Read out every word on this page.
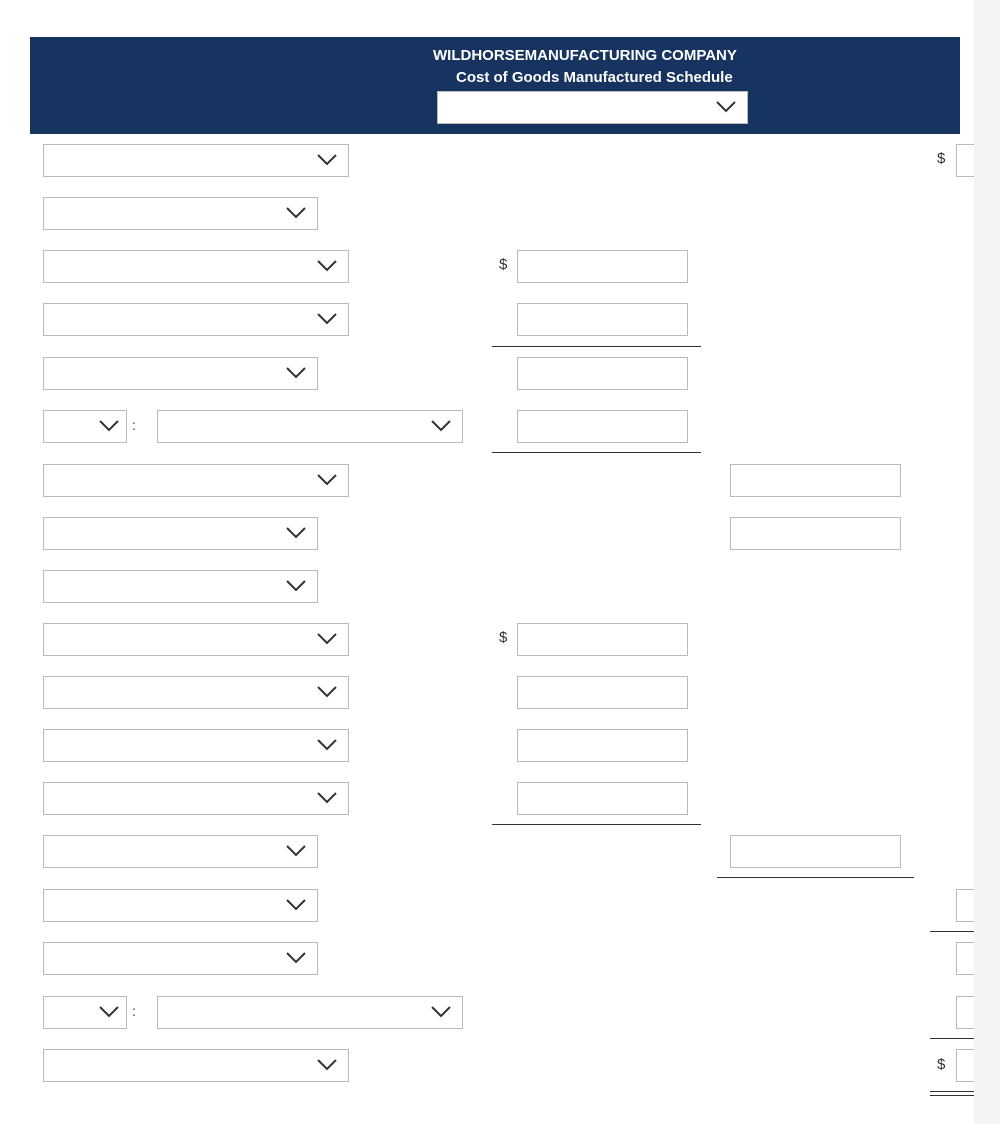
WILDHORSEMANUFACTURING COMPANY
Cost of Goods Manufactured Schedule
$
$
:
$
:
$
